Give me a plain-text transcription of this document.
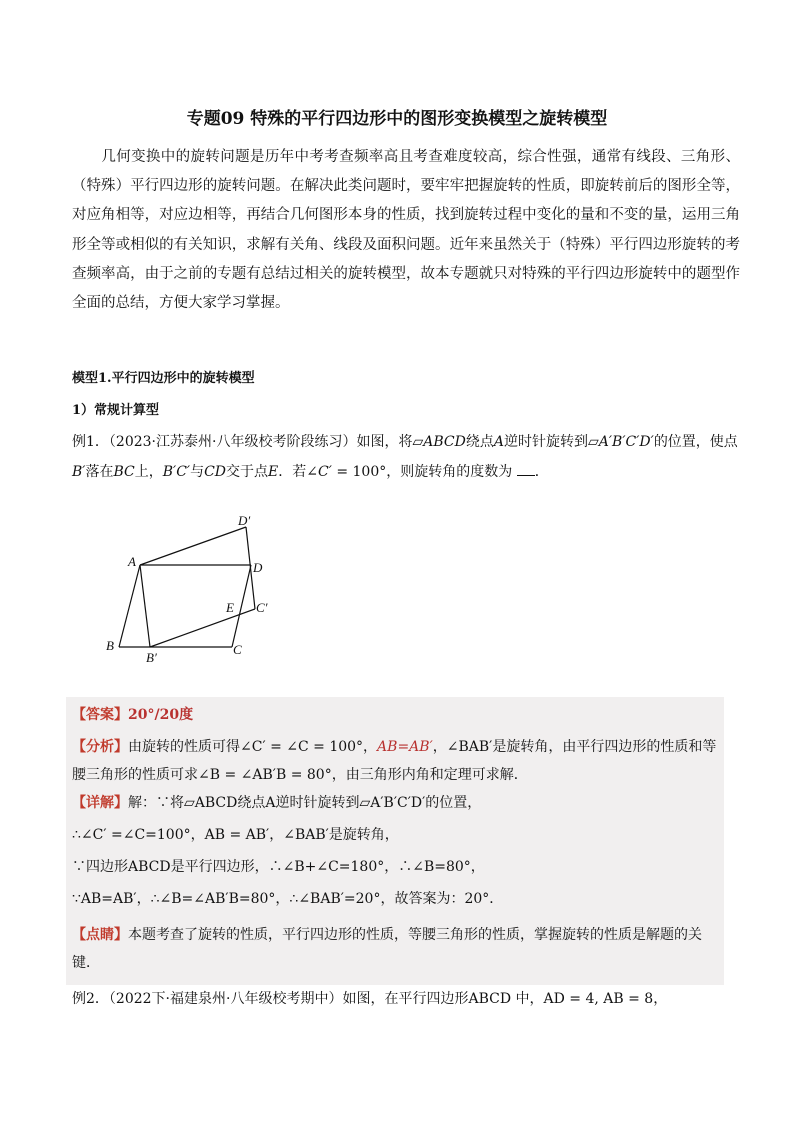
专题09 特殊的平行四边形中的图形变换模型之旋转模型

几何变换中的旋转问题是历年中考考查频率高且考查难度较高，综合性强，通常有线段、三角形、（特殊）平行四边形的旋转问题。在解决此类问题时，要牢牢把握旋转的性质，即旋转前后的图形全等，对应角相等，对应边相等，再结合几何图形本身的性质，找到旋转过程中变化的量和不变的量，运用三角形全等或相似的有关知识，求解有关角、线段及面积问题。近年来虽然关于（特殊）平行四边形旋转的考查频率高，由于之前的专题有总结过相关的旋转模型，故本专题就只对特殊的平行四边形旋转中的题型作全面的总结，方便大家学习掌握。

模型1.平行四边形中的旋转模型
1）常规计算型

例1．（2023·江苏泰州·八年级校考阶段练习）如图，将▱ABCD绕点A逆时针旋转到▱A′B′C′D′的位置，使点
B′落在BC上，B′C′与CD交于点E．若∠C′ = 100°，则旋转角的度数为 ．

A
B	C
D
E
B′
C′
D′

【答案】20°/20度

【分析】由旋转的性质可得∠C′ = ∠C = 100°，AB=AB′，∠BAB′是旋转角，由平行四边形的性质和等腰三角形的性质可求∠B = ∠AB′B = 80°，由三角形内角和定理可求解．

【详解】解：∵将▱ABCD绕点A逆时针旋转到▱A′B′C′D′的位置，

∴∠C′ =∠C=100°，AB = AB′，∠BAB′是旋转角，

∵四边形ABCD是平行四边形，∴∠B+∠C=180°，∴∠B=80°，

∵AB=AB′，∴∠B=∠AB′B=80°，∴∠BAB′=20°，故答案为：20°．

【点睛】本题考查了旋转的性质，平行四边形的性质，等腰三角形的性质，掌握旋转的性质是解题的关键．

例2．（2022下·福建泉州·八年级校考期中）如图，在平行四边形ABCD 中，AD = 4, AB = 8，
